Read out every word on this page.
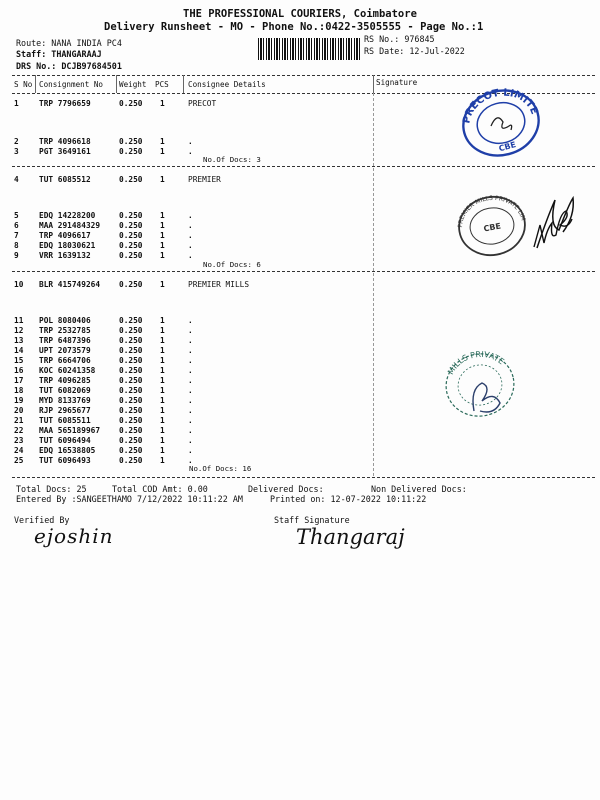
THE PROFESSIONAL COURIERS, Coimbatore
Delivery Runsheet - MO - Phone No.:0422-3505555 - Page No.:1
Route: NANA INDIA PC4
Staff: THANGARAAJ
DRS No.: DCJB97684501
RS No.: 976845
RS Date: 12-Jul-2022
S No Consignment No Weight PCS	Consignee Details	Signature
1	TRP 7796659	0.250 1	PRECOT
2	TRP 4096618	0.250 1	.
3	PGT 3649161	0.250 1	.
No.Of Docs: 3
4	TUT 6085512	0.250 1	PREMIER
5	EDQ 14228200	0.250 1	.
6	MAA 291484329 0.250 1	.
7	TRP 4096617	0.250 1	.
8	EDQ 18030621	0.250 1	.
9	VRR 1639132	0.250 1	.
No.Of Docs: 6
10 BLR 415749264 0.250 1	PREMIER MILLS
11 POL 8080406	0.250 1	.
12 TRP 2532785	0.250 1	.
13 TRP 6487396	0.250 1	.
14 UPT 2073579	0.250 1	.
15 TRP 6664706	0.250 1	.
16 KOC 60241358	0.250 1	.
17 TRP 4096285	0.250 1	.
18 TUT 6082069	0.250 1	.
19 MYD 8133769	0.250 1	.
20 RJP 2965677	0.250 1	.
21 TUT 6085511	0.250 1	.
22 MAA 565189967 0.250 1	.
23 TUT 6096494	0.250 1	.
24 EDQ 16538805	0.250 1	.
25 TUT 6096493	0.250 1	.
No.Of Docs: 16
Total Docs: 25	Total COD Amt: 0.00	Delivered Docs:	Non Delivered Docs:
Entered By :SANGEETHAMO 7/12/2022 10:11:22 AM	Printed on: 12-07-2022 10:11:22
Verified By	Staff Signature
ejoshin	Thangaraj
PRECOT LIMITED
CBE
PREMIER MILLS PRIVATE LIMITED
CBE
MILLS PRIVATE
